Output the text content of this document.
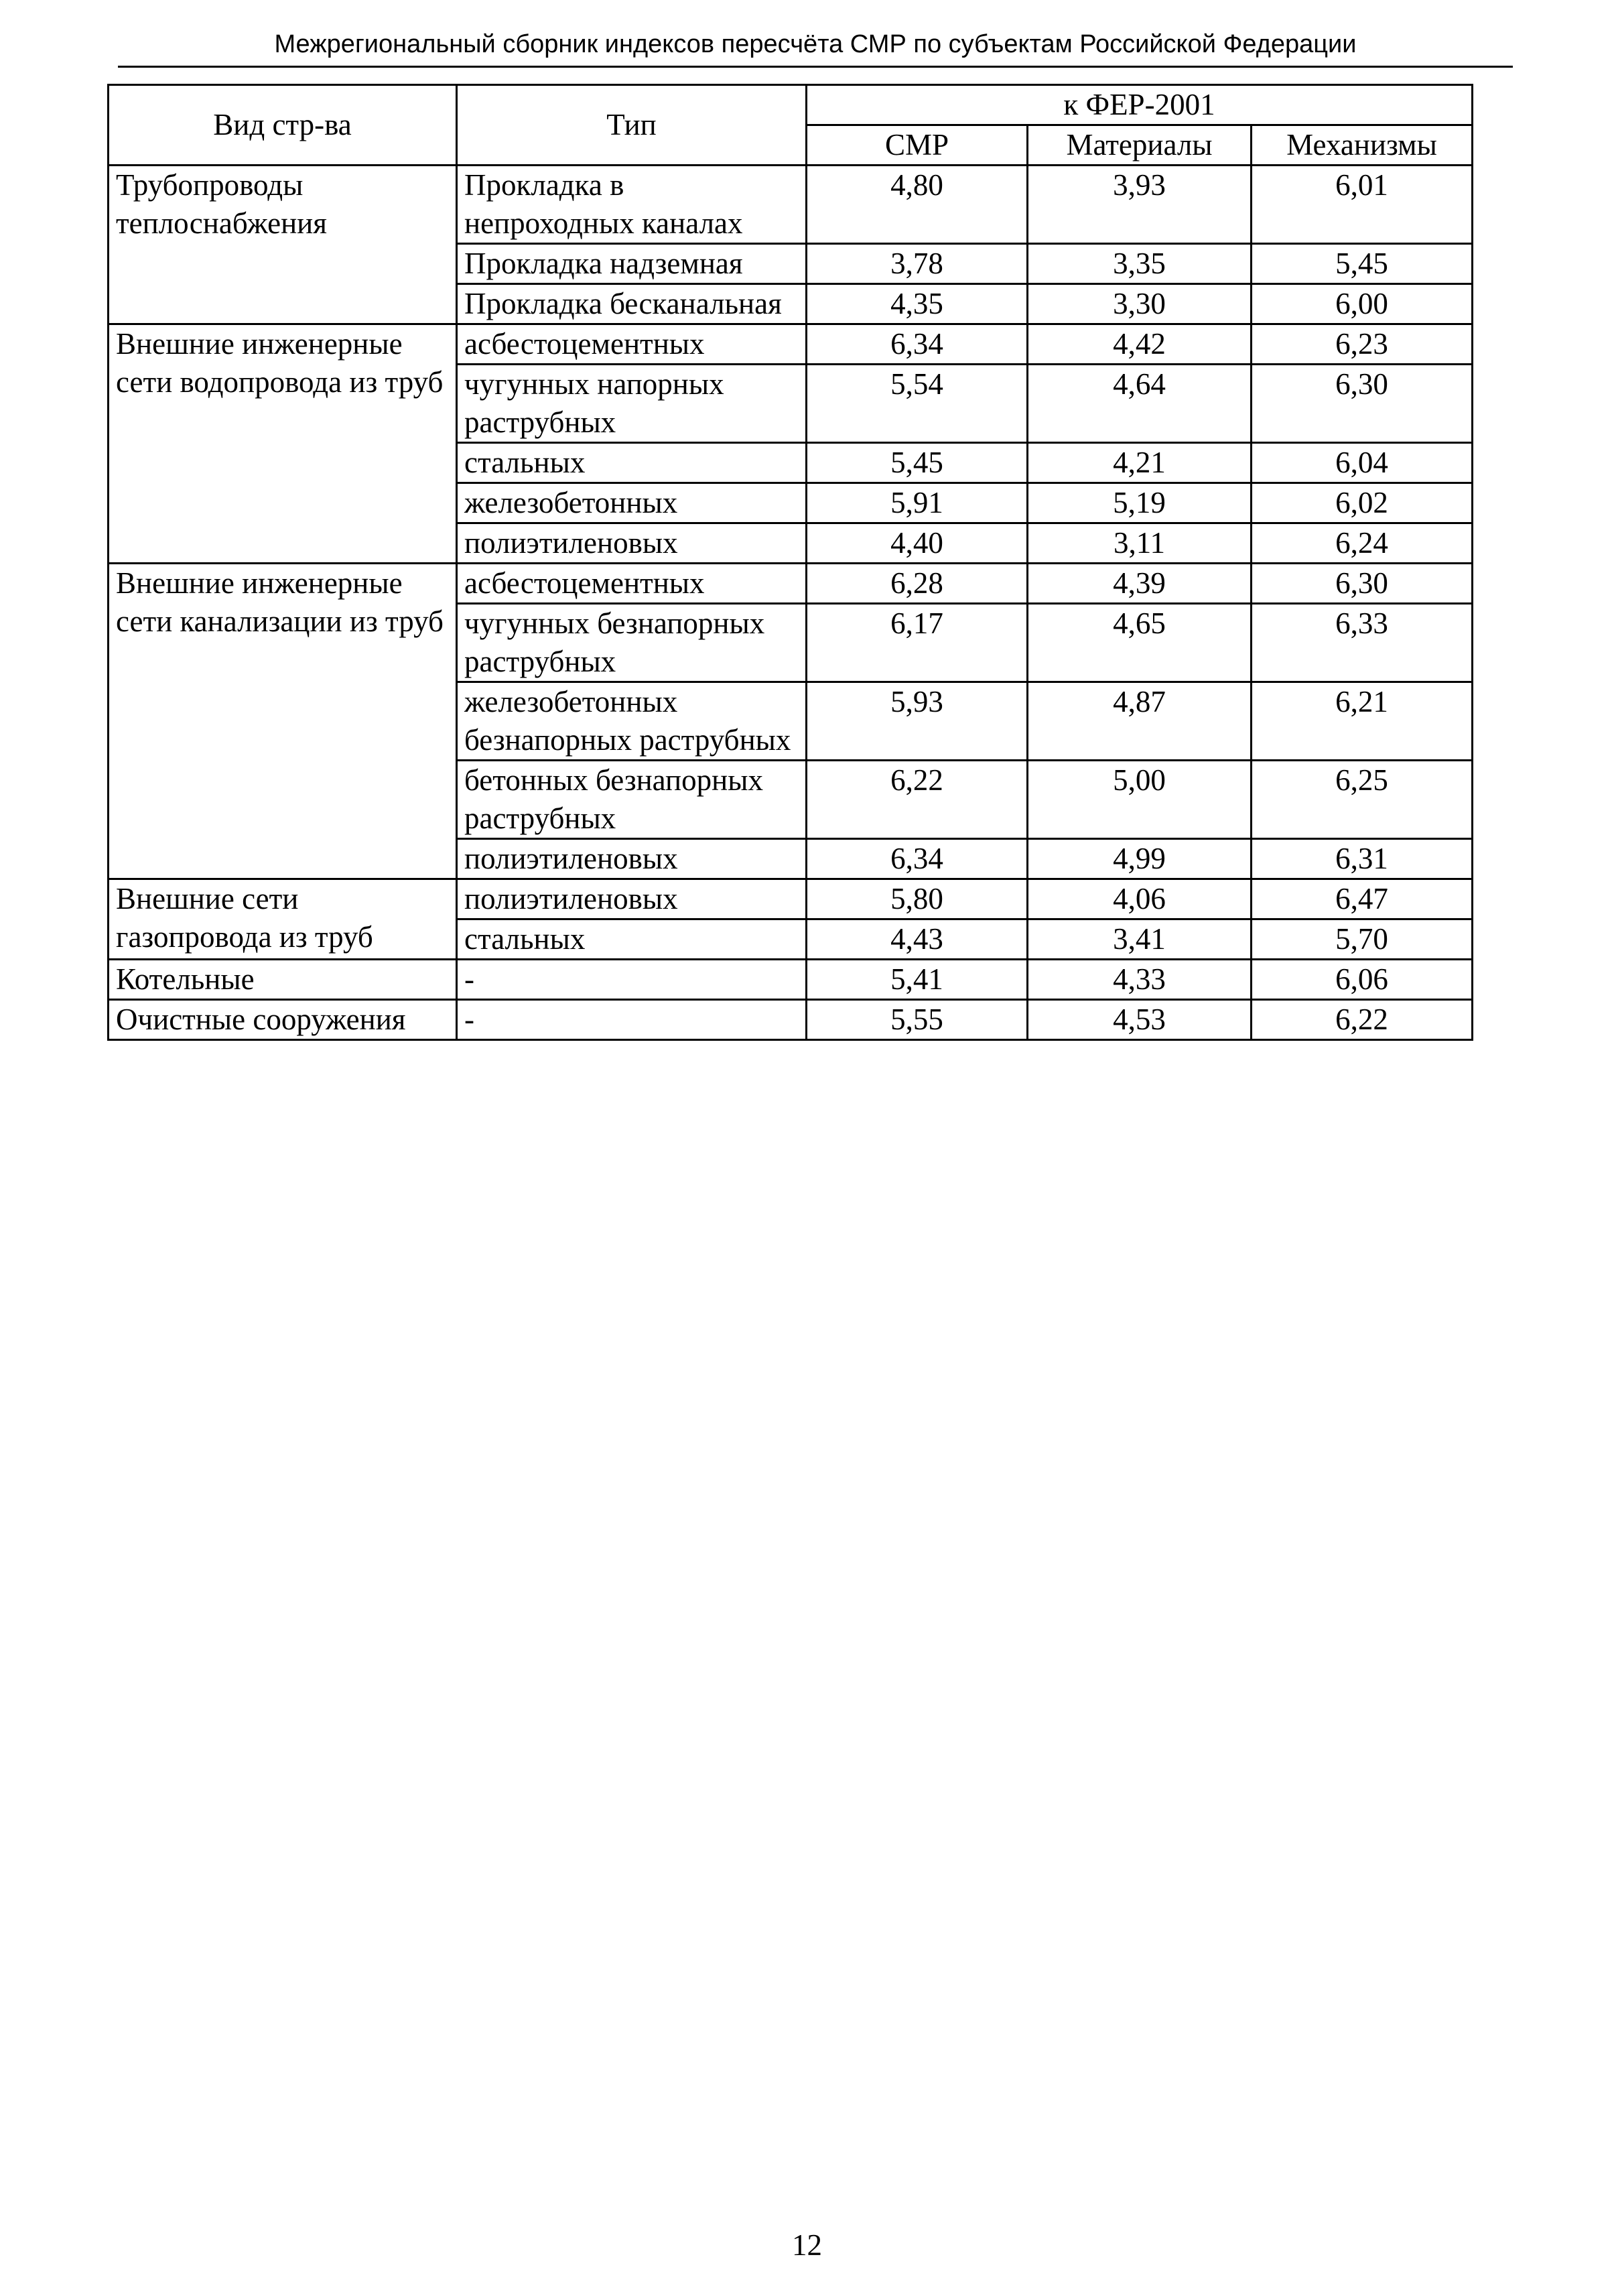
Межрегиональный сборник индексов пересчёта СМР по субъектам Российской Федерации
Вид стр-ва	Тип	к ФЕР-2001		
		СМР	Материалы	Механизмы
Трубопроводы теплоснабжения	Прокладка в непроходных каналах	4,80	3,93	6,01
	Прокладка надземная	3,78	3,35	5,45
	Прокладка бесканальная	4,35	3,30	6,00
Внешние инженерные сети водопровода из труб	асбестоцементных	6,34	4,42	6,23
	чугунных напорных раструбных	5,54	4,64	6,30
	стальных	5,45	4,21	6,04
	железобетонных	5,91	5,19	6,02
	полиэтиленовых	4,40	3,11	6,24
Внешние инженерные сети канализации из труб	асбестоцементных	6,28	4,39	6,30
	чугунных безнапорных раструбных	6,17	4,65	6,33
	железобетонных безнапорных раструбных	5,93	4,87	6,21
	бетонных безнапорных раструбных	6,22	5,00	6,25
	полиэтиленовых	6,34	4,99	6,31
Внешние сети газопровода из труб	полиэтиленовых	5,80	4,06	6,47
	стальных	4,43	3,41	5,70
Котельные	-	5,41	4,33	6,06
Очистные сооружения	-	5,55	4,53	6,22
12
